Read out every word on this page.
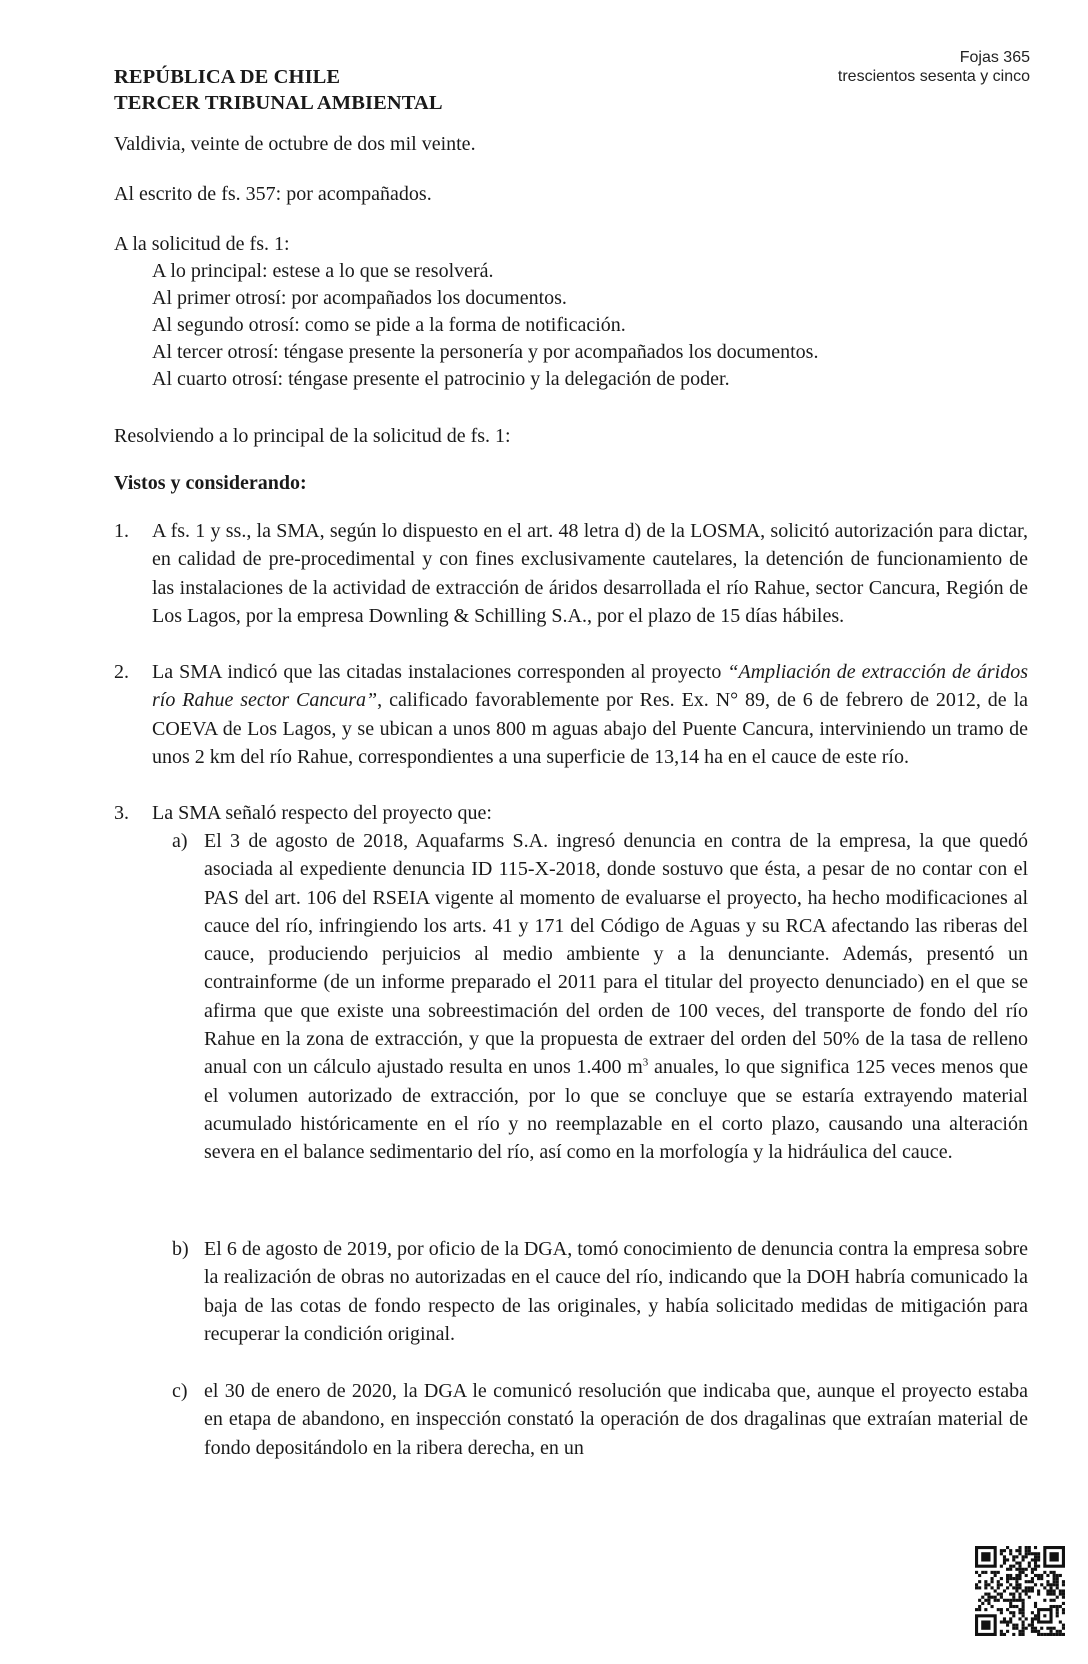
Fojas 365
trescientos sesenta y cinco
REPÚBLICA DE CHILE
TERCER TRIBUNAL AMBIENTAL
Valdivia, veinte de octubre de dos mil veinte.
Al escrito de fs. 357: por acompañados.
A la solicitud de fs. 1:
A lo principal: estese a lo que se resolverá.
Al primer otrosí: por acompañados los documentos.
Al segundo otrosí: como se pide a la forma de notificación.
Al tercer otrosí: téngase presente la personería y por acompañados los documentos.
Al cuarto otrosí: téngase presente el patrocinio y la delegación de poder.
Resolviendo a lo principal de la solicitud de fs. 1:
Vistos y considerando:
1. A fs. 1 y ss., la SMA, según lo dispuesto en el art. 48 letra d) de la LOSMA, solicitó autorización para dictar, en calidad de pre-procedimental y con fines exclusivamente cautelares, la detención de funcionamiento de las instalaciones de la actividad de extracción de áridos desarrollada el río Rahue, sector Cancura, Región de Los Lagos, por la empresa Downling & Schilling S.A., por el plazo de 15 días hábiles.
2. La SMA indicó que las citadas instalaciones corresponden al proyecto “Ampliación de extracción de áridos río Rahue sector Cancura”, calificado favorablemente por Res. Ex. N° 89, de 6 de febrero de 2012, de la COEVA de Los Lagos, y se ubican a unos 800 m aguas abajo del Puente Cancura, interviniendo un tramo de unos 2 km del río Rahue, correspondientes a una superficie de 13,14 ha en el cauce de este río.
3. La SMA señaló respecto del proyecto que:
a) El 3 de agosto de 2018, Aquafarms S.A. ingresó denuncia en contra de la empresa, la que quedó asociada al expediente denuncia ID 115-X-2018, donde sostuvo que ésta, a pesar de no contar con el PAS del art. 106 del RSEIA vigente al momento de evaluarse el proyecto, ha hecho modificaciones al cauce del río, infringiendo los arts. 41 y 171 del Código de Aguas y su RCA afectando las riberas del cauce, produciendo perjuicios al medio ambiente y a la denunciante. Además, presentó un contrainforme (de un informe preparado el 2011 para el titular del proyecto denunciado) en el que se afirma que que existe una sobreestimación del orden de 100 veces, del transporte de fondo del río Rahue en la zona de extracción, y que la propuesta de extraer del orden del 50% de la tasa de relleno anual con un cálculo ajustado resulta en unos 1.400 $m^3$ anuales, lo que significa 125 veces menos que el volumen autorizado de extracción, por lo que se concluye que se estaría extrayendo material acumulado históricamente en el río y no reemplazable en el corto plazo, causando una alteración severa en el balance sedimentario del río, así como en la morfología y la hidráulica del cauce.
b) El 6 de agosto de 2019, por oficio de la DGA, tomó conocimiento de denuncia contra la empresa sobre la realización de obras no autorizadas en el cauce del río, indicando que la DOH habría comunicado la baja de las cotas de fondo respecto de las originales, y había solicitado medidas de mitigación para recuperar la condición original.
c) el 30 de enero de 2020, la DGA le comunicó resolución que indicaba que, aunque el proyecto estaba en etapa de abandono, en inspección constató la operación de dos dragalinas que extraían material de fondo depositándolo en la ribera derecha, en un
